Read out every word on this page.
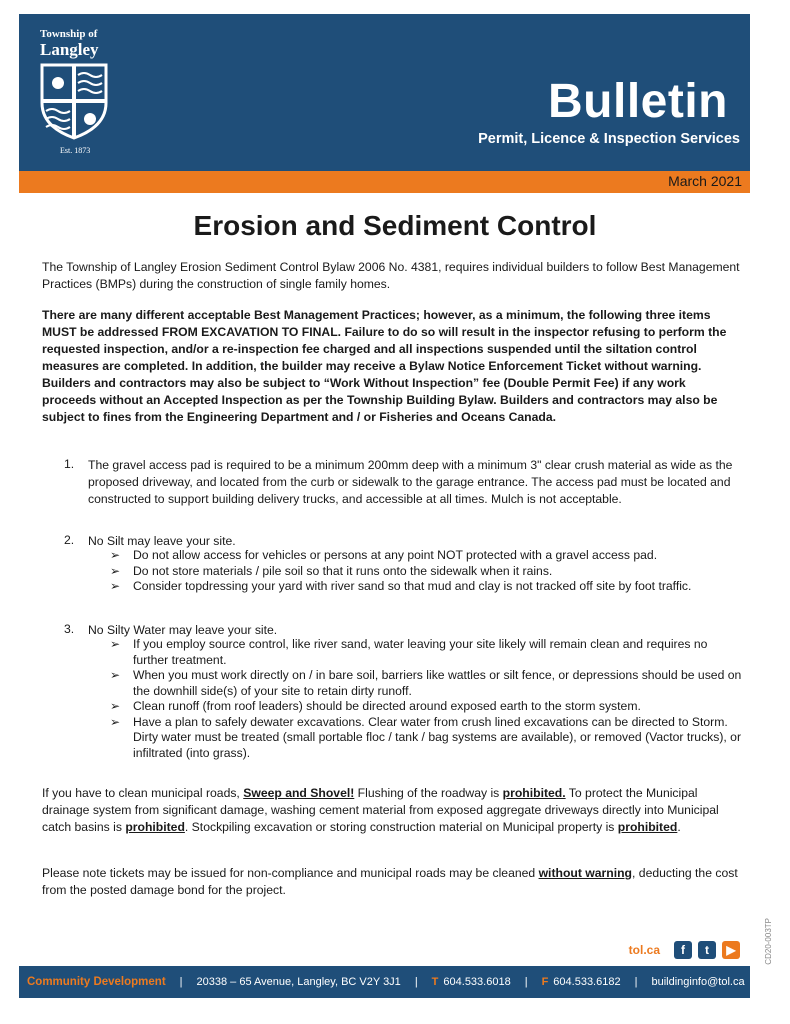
Township of
Langley
Est. 1873
Bulletin
Permit, Licence & Inspection Services
March 2021
Erosion and Sediment Control
The Township of Langley Erosion Sediment Control Bylaw 2006 No. 4381, requires individual builders to follow Best Management Practices (BMPs) during the construction of single family homes.
There are many different acceptable Best Management Practices; however, as a minimum, the following three items MUST be addressed FROM EXCAVATION TO FINAL. Failure to do so will result in the inspector refusing to perform the requested inspection, and/or a re-inspection fee charged and all inspections suspended until the siltation control measures are completed. In addition, the builder may receive a Bylaw Notice Enforcement Ticket without warning. Builders and contractors may also be subject to “Work Without Inspection” fee (Double Permit Fee) if any work proceeds without an Accepted Inspection as per the Township Building Bylaw. Builders and contractors may also be subject to fines from the Engineering Department and / or Fisheries and Oceans Canada.
1. The gravel access pad is required to be a minimum 200mm deep with a minimum 3" clear crush material as wide as the proposed driveway, and located from the curb or sidewalk to the garage entrance. The access pad must be located and constructed to support building delivery trucks, and accessible at all times. Mulch is not acceptable.
2. No Silt may leave your site.
➢ Do not allow access for vehicles or persons at any point NOT protected with a gravel access pad.
➢ Do not store materials / pile soil so that it runs onto the sidewalk when it rains.
➢ Consider topdressing your yard with river sand so that mud and clay is not tracked off site by foot traffic.
3. No Silty Water may leave your site.
➢ If you employ source control, like river sand, water leaving your site likely will remain clean and requires no further treatment.
➢ When you must work directly on / in bare soil, barriers like wattles or silt fence, or depressions should be used on the downhill side(s) of your site to retain dirty runoff.
➢ Clean runoff (from roof leaders) should be directed around exposed earth to the storm system.
➢ Have a plan to safely dewater excavations. Clear water from crush lined excavations can be directed to Storm. Dirty water must be treated (small portable floc / tank / bag systems are available), or removed (Vactor trucks), or infiltrated (into grass).
If you have to clean municipal roads, Sweep and Shovel! Flushing of the roadway is prohibited. To protect the Municipal drainage system from significant damage, washing cement material from exposed aggregate driveways directly into Municipal catch basins is prohibited. Stockpiling excavation or storing construction material on Municipal property is prohibited.
Please note tickets may be issued for non-compliance and municipal roads may be cleaned without warning, deducting the cost from the posted damage bond for the project.
tol.ca	f	t	▶	CD20-003TP
Community Development | 20338 – 65 Avenue, Langley, BC V2Y 3J1 | T 604.533.6018 | F 604.533.6182 | buildinginfo@tol.ca
